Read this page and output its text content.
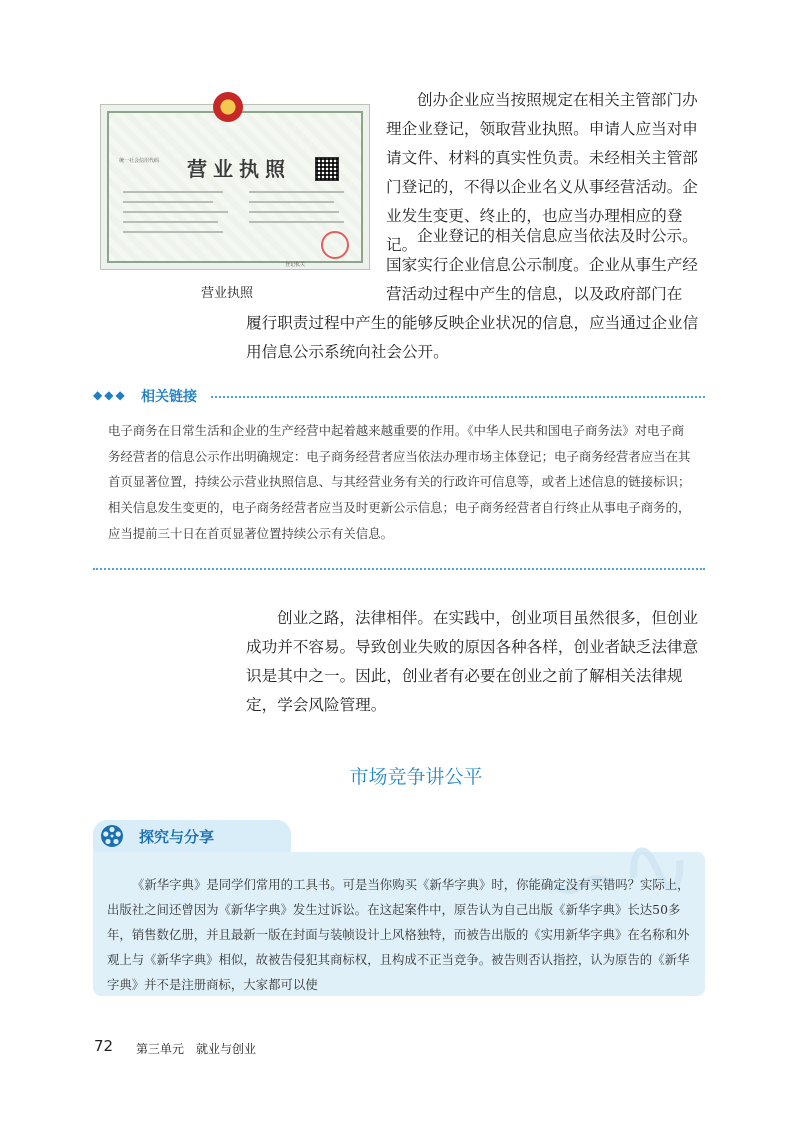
统一社会信用代码	营业执照
登记机关
营业执照

创办企业应当按照规定在相关主管部门办理企业登记，领取营业执照。申请人应当对申请文件、材料的真实性负责。未经相关主管部门登记的，不得以企业名义从事经营活动。企业发生变更、终止的，也应当办理相应的登记。 企业登记的相关信息应当依法及时公示。国家实行企业信息公示制度。企业从事生产经营活动过程中产生的信息，以及政府部门在

履行职责过程中产生的能够反映企业状况的信息，应当通过企业信用信息公示系统向社会公开。

◆◆◆ 相关链接

电子商务在日常生活和企业的生产经营中起着越来越重要的作用。《中华人民共和国电子商务法》对电子商务经营者的信息公示作出明确规定：电子商务经营者应当依法办理市场主体登记；电子商务经营者应当在其首页显著位置，持续公示营业执照信息、与其经营业务有关的行政许可信息等，或者上述信息的链接标识；相关信息发生变更的，电子商务经营者应当及时更新公示信息；电子商务经营者自行终止从事电子商务的，应当提前三十日在首页显著位置持续公示有关信息。

创业之路，法律相伴。在实践中，创业项目虽然很多，但创业成功并不容易。导致创业失败的原因各种各样，创业者缺乏法律意识是其中之一。因此，创业者有必要在创业之前了解相关法律规定，学会风险管理。

市场竞争讲公平
探究与分享	∽∿

《新华字典》是同学们常用的工具书。可是当你购买《新华字典》时，你能确定没有买错吗？实际上，出版社之间还曾因为《新华字典》发生过诉讼。在这起案件中，原告认为自己出版《新华字典》长达50多年，销售数亿册，并且最新一版在封面与装帧设计上风格独特，而被告出版的《实用新华字典》在名称和外观上与《新华字典》相似，故被告侵犯其商标权，且构成不正当竞争。被告则否认指控，认为原告的《新华字典》并不是注册商标，大家都可以使

72 第三单元　就业与创业
